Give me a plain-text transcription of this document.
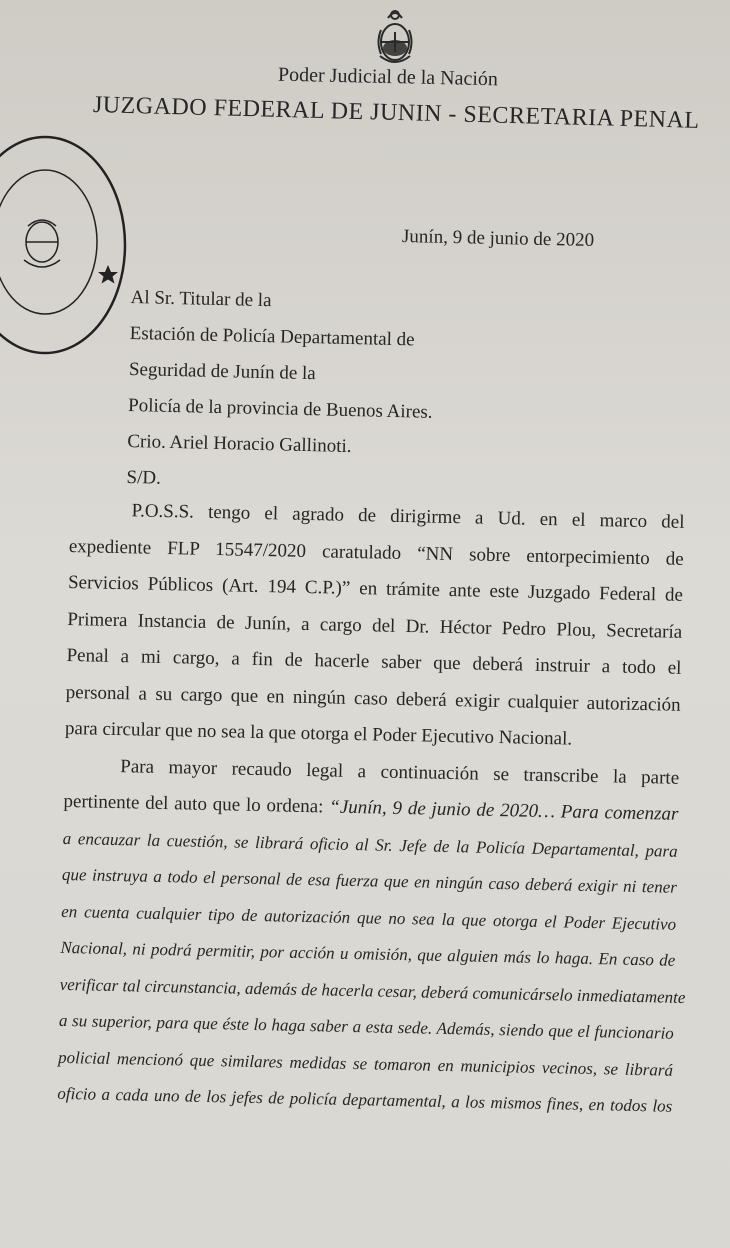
Poder Judicial de la Nación
JUZGADO FEDERAL DE JUNIN - SECRETARIA PENAL
Junín, 9 de junio de 2020
Al Sr. Titular de la
Estación de Policía Departamental de
Seguridad de Junín de la
Policía de la provincia de Buenos Aires.
Crio. Ariel Horacio Gallinoti.
S/D.

P.O.S.S. tengo el agrado de dirigirme a Ud. en el marco del

expediente FLP 15547/2020 caratulado “NN sobre entorpecimiento de

Servicios Públicos (Art. 194 C.P.)” en trámite ante este Juzgado Federal de

Primera Instancia de Junín, a cargo del Dr. Héctor Pedro Plou, Secretaría

Penal a mi cargo, a fin de hacerle saber que deberá instruir a todo el

personal a su cargo que en ningún caso deberá exigir cualquier autorización

para circular que no sea la que otorga el Poder Ejecutivo Nacional.

Para mayor recaudo legal a continuación se transcribe la parte

pertinente del auto que lo ordena: “Junín, 9 de junio de 2020… Para comenzar

a encauzar la cuestión, se librará oficio al Sr. Jefe de la Policía Departamental, para

que instruya a todo el personal de esa fuerza que en ningún caso deberá exigir ni tener

en cuenta cualquier tipo de autorización que no sea la que otorga el Poder Ejecutivo

Nacional, ni podrá permitir, por acción u omisión, que alguien más lo haga. En caso de

verificar tal circunstancia, además de hacerla cesar, deberá comunicárselo inmediatamente

a su superior, para que éste lo haga saber a esta sede. Además, siendo que el funcionario

policial mencionó que similares medidas se tomaron en municipios vecinos, se librará

oficio a cada uno de los jefes de policía departamental, a los mismos fines, en todos los
